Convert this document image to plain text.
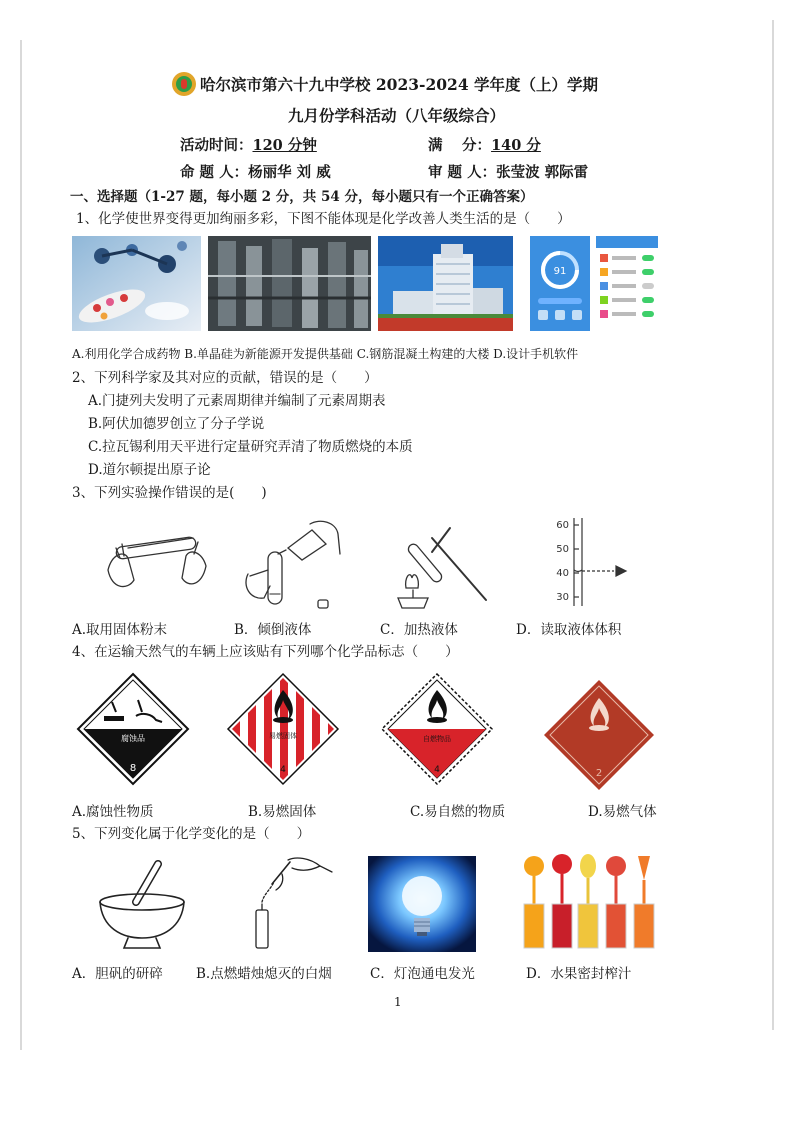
哈尔滨市第六十九中学校 2023-2024 学年度（上）学期
九月份学科活动（八年级综合）
活动时间：120 分钟	满　 分：140 分
命 题 人：杨丽华 刘 威	审 题 人：张莹波 郭际雷
一、选择题（1-27 题，每小题 2 分，共 54 分，每小题只有一个正确答案）
1、化学使世界变得更加绚丽多彩，下图不能体现是化学改善人类生活的是（　　）
91
A.利用化学合成药物 B.单晶硅为新能源开发提供基础 C.钢筋混凝土构建的大楼 D.设计手机软件
2、下列科学家及其对应的贡献，错误的是（　　）
A.门捷列夫发明了元素周期律并编制了元素周期表
B.阿伏加德罗创立了分子学说
C.拉瓦锡利用天平进行定量研究弄清了物质燃烧的本质
D.道尔顿提出原子论
3、下列实验操作错误的是(　　)
60
50
40
30
A.取用固体粉末	B．倾倒液体	C．加热液体	D．读取液体体积
4、在运输天然气的车辆上应该贴有下列哪个化学品标志（　　）
腐蚀品
8
易燃固体
4
自燃物品
4	2
A.腐蚀性物质	B.易燃固体	C.易自燃的物质	D.易燃气体
5、下列变化属于化学变化的是（　　）
A．胆矾的研碎 B.点燃蜡烛熄灭的白烟	C．灯泡通电发光	D．水果密封榨汁
1
